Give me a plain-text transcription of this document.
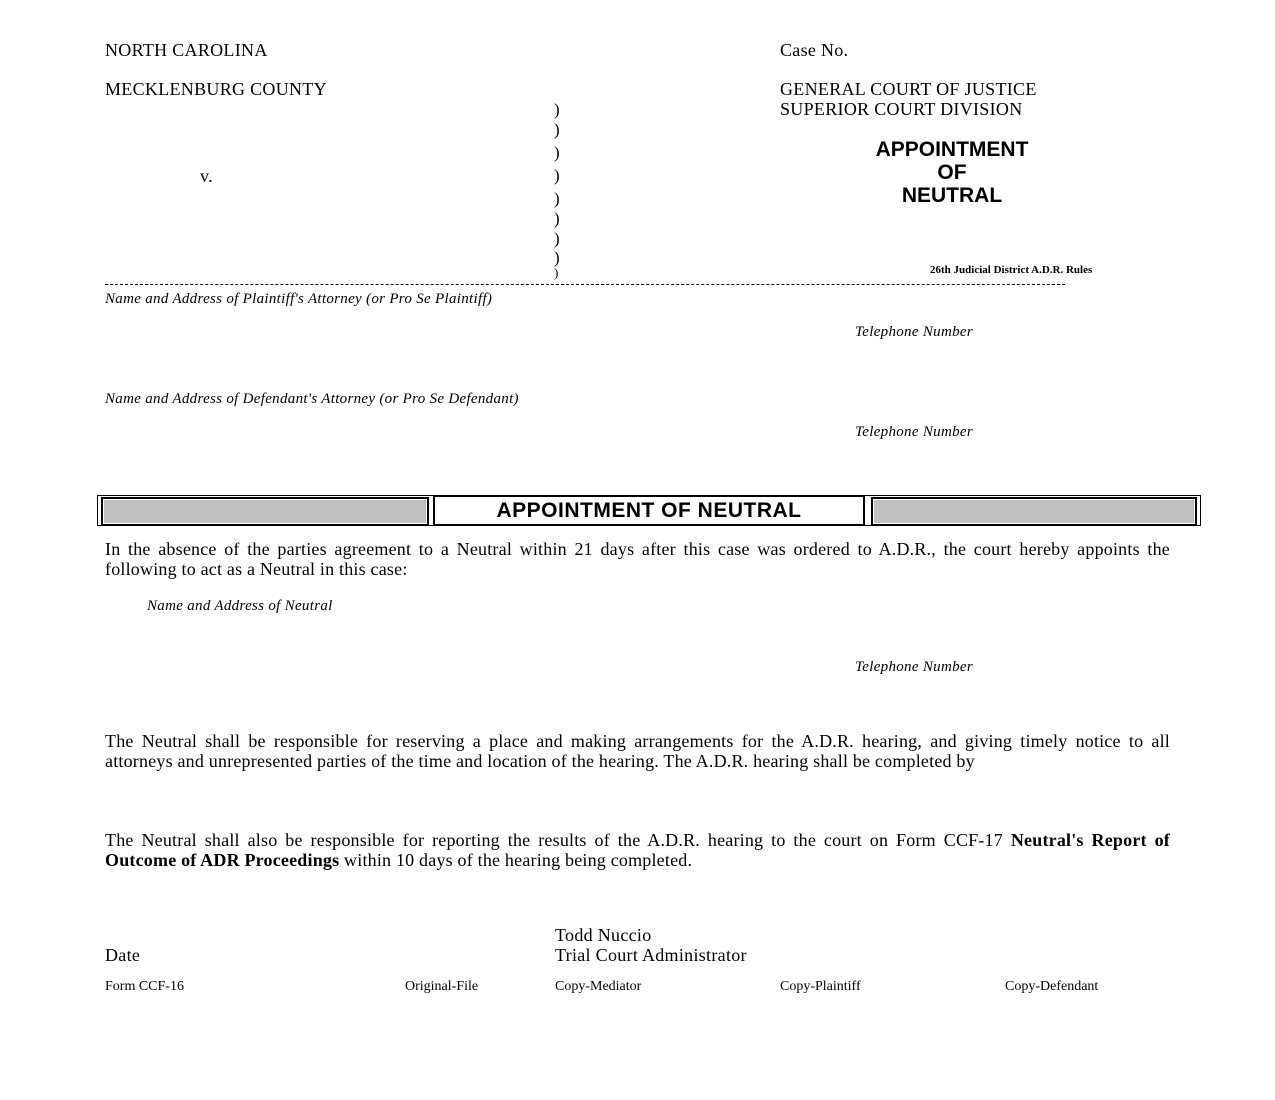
NORTH CAROLINA
MECKLENBURG COUNTY
v.
)
)
)
)
)
)
)
)
)
Case No.
GENERAL COURT OF JUSTICE
SUPERIOR COURT DIVISION
APPOINTMENT
OF
NEUTRAL
26th Judicial District A.D.R. Rules
Name and Address of Plaintiff's Attorney (or Pro Se Plaintiff)
Telephone Number
Name and Address of Defendant's Attorney (or Pro Se Defendant)
Telephone Number
APPOINTMENT OF NEUTRAL
In the absence of the parties agreement to a Neutral within 21 days after this case was ordered to A.D.R., the court hereby appoints the following to act as a Neutral in this case:
Name and Address of Neutral
Telephone Number
The Neutral shall be responsible for reserving a place and making arrangements for the A.D.R. hearing, and giving timely notice to all attorneys and unrepresented parties of the time and location of the hearing. The A.D.R. hearing shall be completed by
The Neutral shall also be responsible for reporting the results of the A.D.R. hearing to the court on Form CCF-17 Neutral's Report of Outcome of ADR Proceedings within 10 days of the hearing being completed.
Todd Nuccio
Trial Court Administrator
Date
Form CCF-16	Original-File	Copy-Mediator	Copy-Plaintiff	Copy-Defendant
